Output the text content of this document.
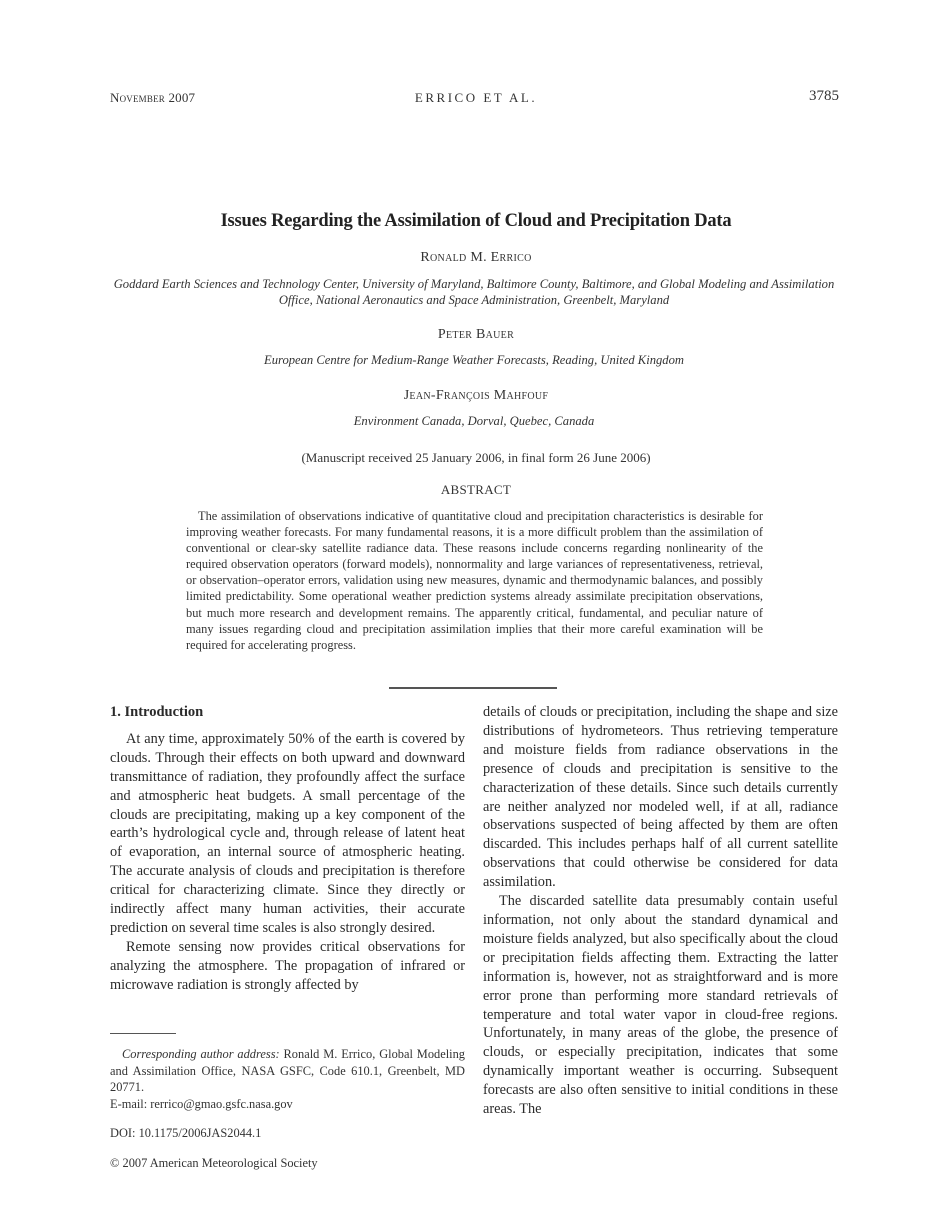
November 2007	ERRICO ET AL.	3785
Issues Regarding the Assimilation of Cloud and Precipitation Data
Ronald M. Errico
Goddard Earth Sciences and Technology Center, University of Maryland, Baltimore County, Baltimore, and Global Modeling and Assimilation Office, National Aeronautics and Space Administration, Greenbelt, Maryland
Peter Bauer
European Centre for Medium-Range Weather Forecasts, Reading, United Kingdom
Jean-François Mahfouf
Environment Canada, Dorval, Quebec, Canada
(Manuscript received 25 January 2006, in final form 26 June 2006)
ABSTRACT

The assimilation of observations indicative of quantitative cloud and precipitation characteristics is desirable for improving weather forecasts. For many fundamental reasons, it is a more difficult problem than the assimilation of conventional or clear-sky satellite radiance data. These reasons include concerns regarding nonlinearity of the required observation operators (forward models), nonnormality and large variances of representativeness, retrieval, or observation–operator errors, validation using new measures, dynamic and thermodynamic balances, and possibly limited predictability. Some operational weather prediction systems already assimilate precipitation observations, but much more research and development remains. The apparently critical, fundamental, and peculiar nature of many issues regarding cloud and precipitation assimilation implies that their more careful examination will be required for accelerating progress.

1. Introduction

At any time, approximately 50% of the earth is covered by clouds. Through their effects on both upward and downward transmittance of radiation, they profoundly affect the surface and atmospheric heat budgets. A small percentage of the clouds are precipitating, making up a key component of the earth’s hydrological cycle and, through release of latent heat of evaporation, an internal source of atmospheric heating. The accurate analysis of clouds and precipitation is therefore critical for characterizing climate. Since they directly or indirectly affect many human activities, their accurate prediction on several time scales is also strongly desired.

Remote sensing now provides critical observations for analyzing the atmosphere. The propagation of infrared or microwave radiation is strongly affected by

details of clouds or precipitation, including the shape and size distributions of hydrometeors. Thus retrieving temperature and moisture fields from radiance observations in the presence of clouds and precipitation is sensitive to the characterization of these details. Since such details currently are neither analyzed nor modeled well, if at all, radiance observations suspected of being affected by them are often discarded. This includes perhaps half of all current satellite observations that could otherwise be considered for data assimilation.

The discarded satellite data presumably contain useful information, not only about the standard dynamical and moisture fields analyzed, but also specifically about the cloud or precipitation fields affecting them. Extracting the latter information is, however, not as straightforward and is more error prone than performing more standard retrievals of temperature and total water vapor in cloud-free regions. Unfortunately, in many areas of the globe, the presence of clouds, or especially precipitation, indicates that some dynamically important weather is occurring. Subsequent forecasts are also often sensitive to initial conditions in these areas. The

Corresponding author address: Ronald M. Errico, Global Modeling and Assimilation Office, NASA GSFC, Code 610.1, Greenbelt, MD 20771.

E-mail: rerrico@gmao.gsfc.nasa.gov

DOI: 10.1175/2006JAS2044.1
© 2007 American Meteorological Society
